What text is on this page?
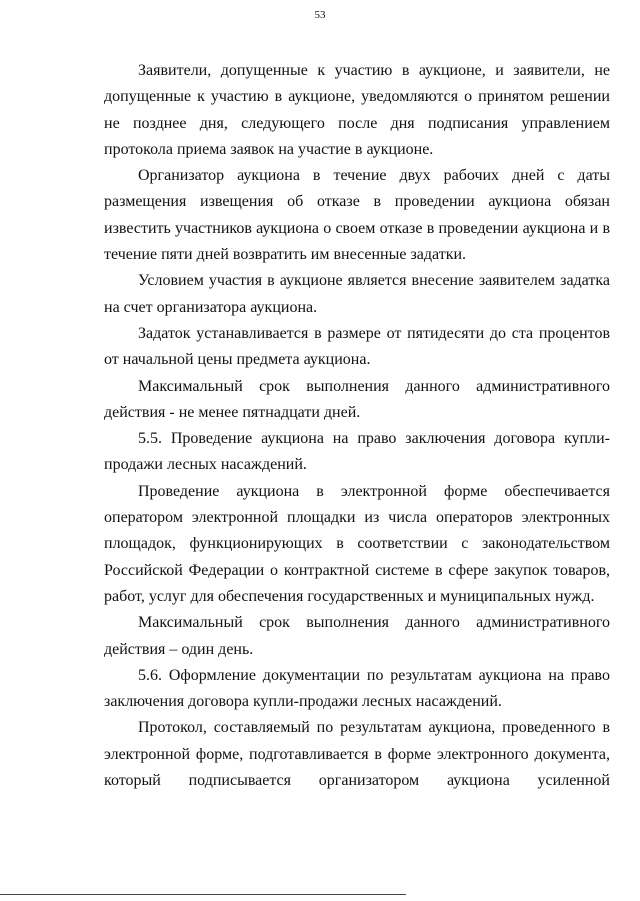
53

Заявители, допущенные к участию в аукционе, и заявители, не допущенные к участию в аукционе, уведомляются о принятом решении не позднее дня, следующего после дня подписания управлением протокола приема заявок на участие в аукционе.

Организатор аукциона в течение двух рабочих дней с даты размещения извещения об отказе в проведении аукциона обязан известить участников аукциона о своем отказе в проведении аукциона и в течение пяти дней возвратить им внесенные задатки.

Условием участия в аукционе является внесение заявителем задатка на счет организатора аукциона.

Задаток устанавливается в размере от пятидесяти до ста процентов от начальной цены предмета аукциона.

Максимальный срок выполнения данного административного действия - не менее пятнадцати дней.

5.5. Проведение аукциона на право заключения договора купли-продажи лесных насаждений.

Проведение аукциона в электронной форме обеспечивается оператором электронной площадки из числа операторов электронных площадок, функционирующих в соответствии с законодательством Российской Федерации о контрактной системе в сфере закупок товаров, работ, услуг для обеспечения государственных и муниципальных нужд.

Максимальный срок выполнения данного административного действия – один день.

5.6. Оформление документации по результатам аукциона на право заключения договора купли-продажи лесных насаждений.

Протокол, составляемый по результатам аукциона, проведенного в электронной форме, подготавливается в форме электронного документа, который подписывается организатором аукциона усиленной
